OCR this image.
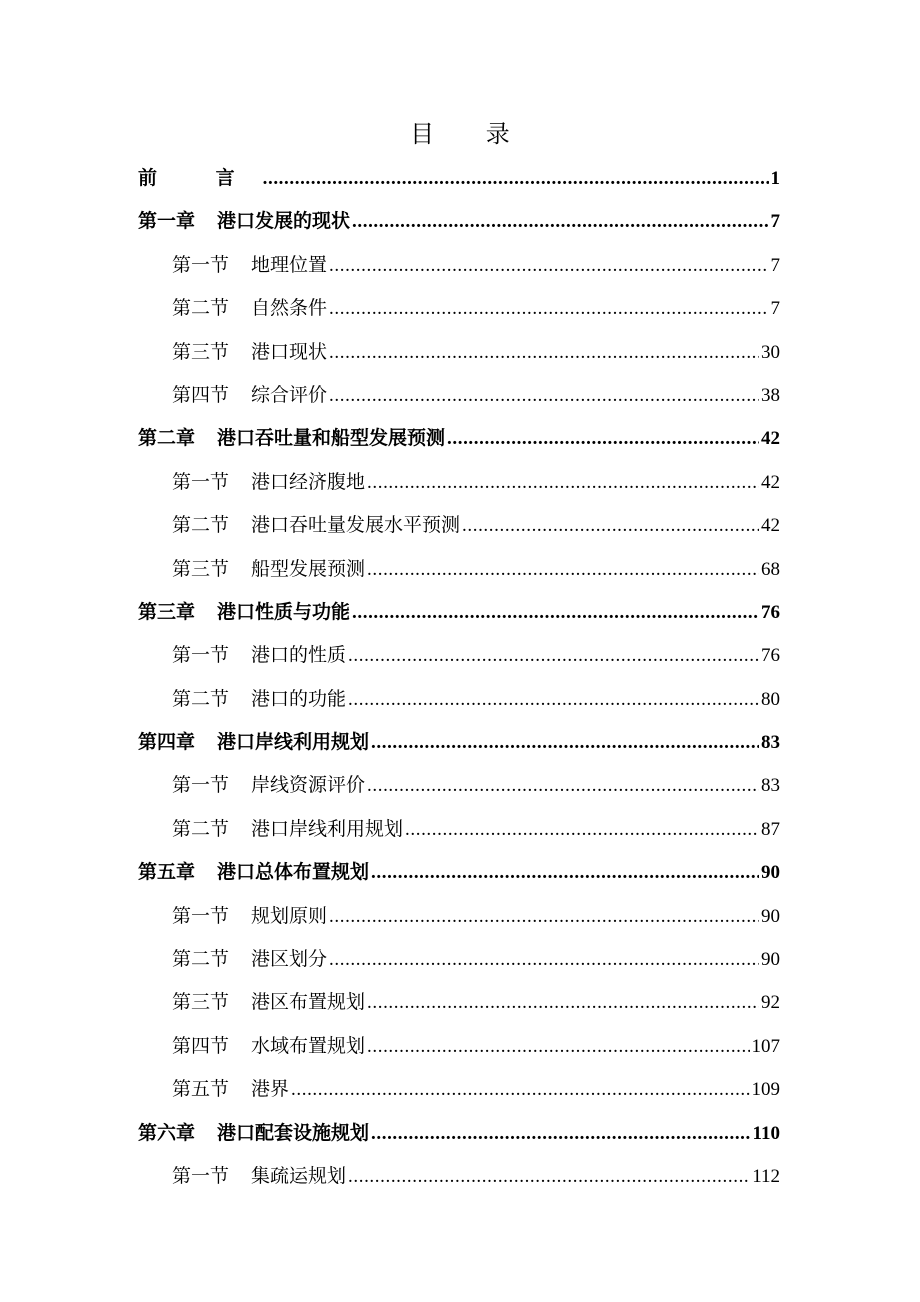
目 录
前 言 .....	1
第一章 港口发展的现状 .....	7
第一节 地理位置 .....	7
第二节 自然条件 .....	7
第三节 港口现状 .....	30
第四节 综合评价 .....	38
第二章 港口吞吐量和船型发展预测 .....	42
第一节 港口经济腹地 .....	42
第二节 港口吞吐量发展水平预测 .....	42
第三节 船型发展预测 .....	68
第三章 港口性质与功能 .....	76
第一节 港口的性质 .....	76
第二节 港口的功能 .....	80
第四章 港口岸线利用规划 .....	83
第一节 岸线资源评价 .....	83
第二节 港口岸线利用规划 .....	87
第五章 港口总体布置规划 .....	90
第一节 规划原则 .....	90
第二节 港区划分 .....	90
第三节 港区布置规划 .....	92
第四节 水域布置规划 .....	107
第五节 港界 .....	109
第六章 港口配套设施规划 .....	110
第一节 集疏运规划 .....	112
